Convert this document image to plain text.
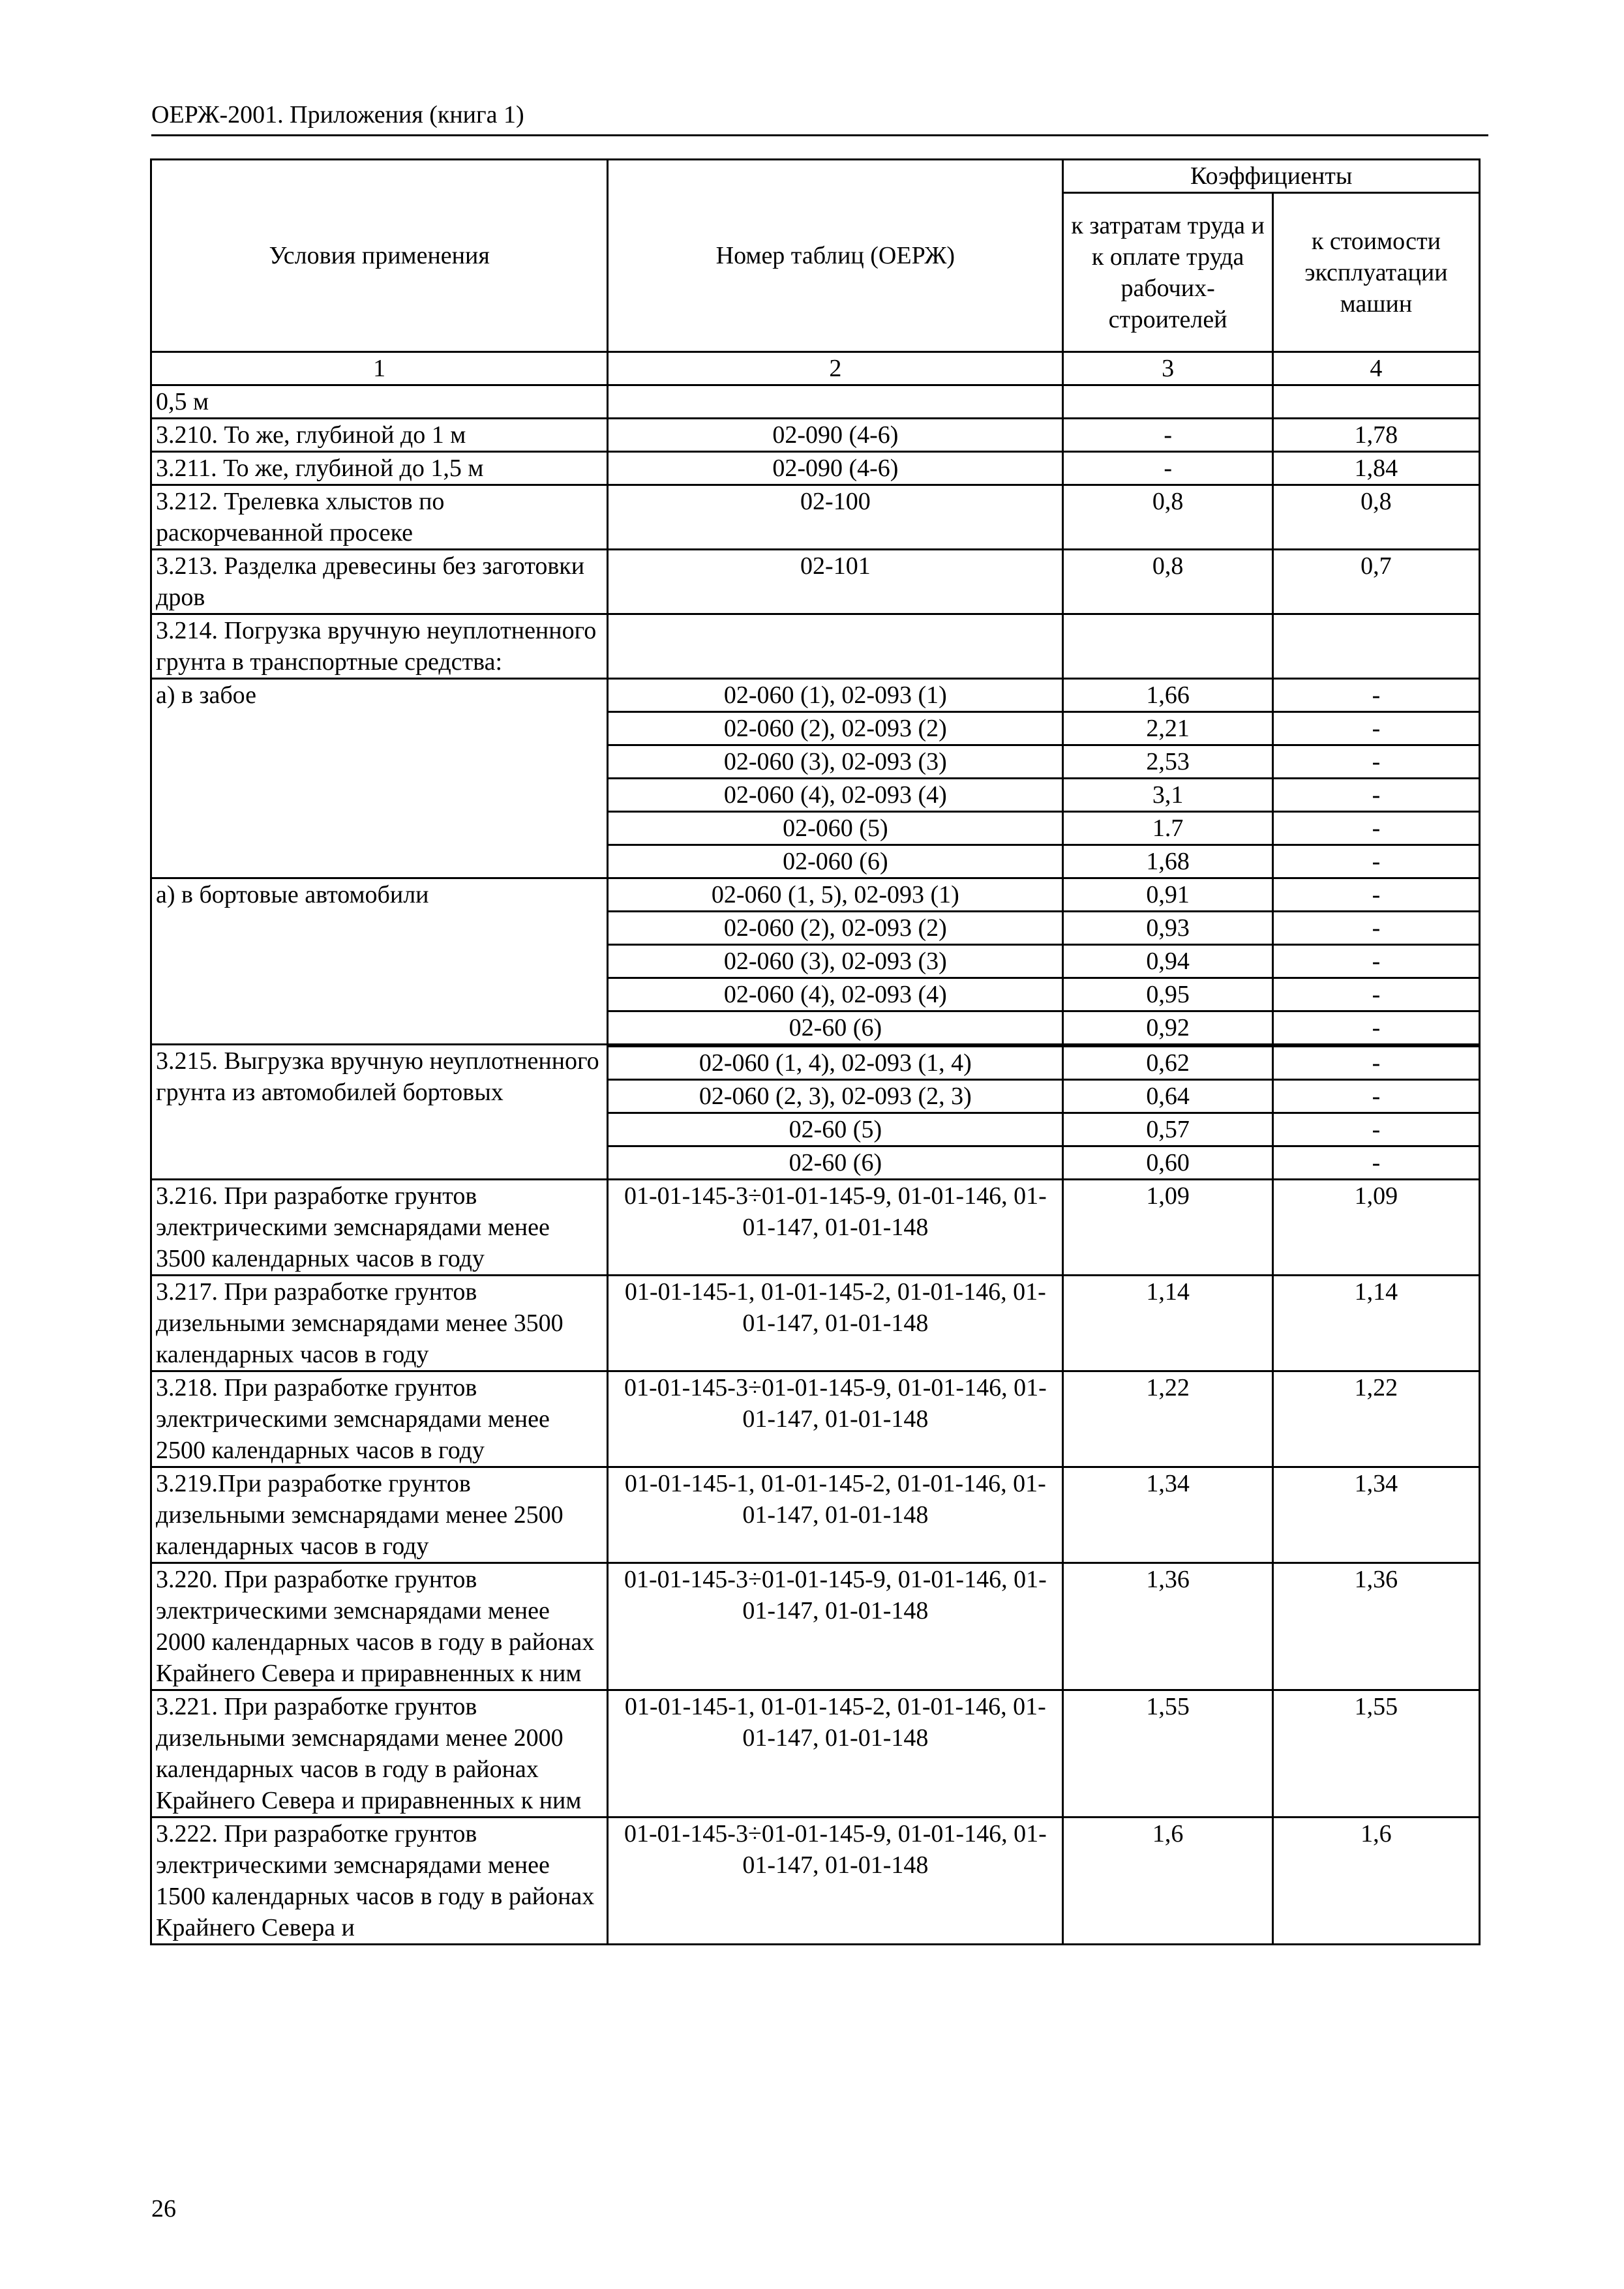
ОЕРЖ-2001. Приложения (книга 1)
Условия применения	Номер таблиц (ОЕРЖ)	Коэффициенты	
		к затратам труда и к оплате труда рабочих-строителей	к стоимости эксплуатации машин
1	2	3	4
0,5 м			
3.210. То же, глубиной до 1 м	02-090 (4-6)	-	1,78
3.211. То же, глубиной до 1,5 м	02-090 (4-6)	-	1,84
3.212. Трелевка хлыстов по раскорчеванной просеке	02-100	0,8	0,8
3.213. Разделка древесины без заготовки дров	02-101	0,8	0,7
3.214. Погрузка вручную неуплотненного грунта в транспортные средства:			
а) в забое	02-060 (1), 02-093 (1)	1,66	-
	02-060 (2), 02-093 (2)	2,21	-
	02-060 (3), 02-093 (3)	2,53	-
	02-060 (4), 02-093 (4)	3,1	-
	02-060 (5)	1.7	-
	02-060 (6)	1,68	-
а) в бортовые автомобили	02-060 (1, 5), 02-093 (1)	0,91	-
	02-060 (2), 02-093 (2)	0,93	-
	02-060 (3), 02-093 (3)	0,94	-
	02-060 (4), 02-093 (4)	0,95	-
	02-60 (6)	0,92	-
3.215. Выгрузка вручную неуплотненного грунта из автомобилей бортовых			
	02-060 (1, 4), 02-093 (1, 4)	0,62	-
	02-060 (2, 3), 02-093 (2, 3)	0,64	-
	02-60 (5)	0,57	-
	02-60 (6)	0,60	-
3.216. При разработке грунтов электрическими земснарядами менее 3500 календарных часов в году	01-01-145-3÷01-01-145-9, 01-01-146, 01-01-147, 01-01-148	1,09	1,09
3.217. При разработке грунтов дизельными земснарядами менее 3500 календарных часов в году	01-01-145-1, 01-01-145-2, 01-01-146, 01-01-147, 01-01-148	1,14	1,14
3.218. При разработке грунтов электрическими земснарядами менее 2500 календарных часов в году	01-01-145-3÷01-01-145-9, 01-01-146, 01-01-147, 01-01-148	1,22	1,22
3.219.При разработке грунтов дизельными земснарядами менее 2500 календарных часов в году	01-01-145-1, 01-01-145-2, 01-01-146, 01-01-147, 01-01-148	1,34	1,34
3.220. При разработке грунтов электрическими земснарядами менее 2000 календарных часов в году в районах Крайнего Севера и приравненных к ним	01-01-145-3÷01-01-145-9, 01-01-146, 01-01-147, 01-01-148	1,36	1,36
3.221. При разработке грунтов дизельными земснарядами менее 2000 календарных часов в году в районах Крайнего Севера и приравненных к ним	01-01-145-1, 01-01-145-2, 01-01-146, 01-01-147, 01-01-148	1,55	1,55
3.222. При разработке грунтов электрическими земснарядами менее 1500 календарных часов в году в районах Крайнего Севера и	01-01-145-3÷01-01-145-9, 01-01-146, 01-01-147, 01-01-148	1,6	1,6
26
